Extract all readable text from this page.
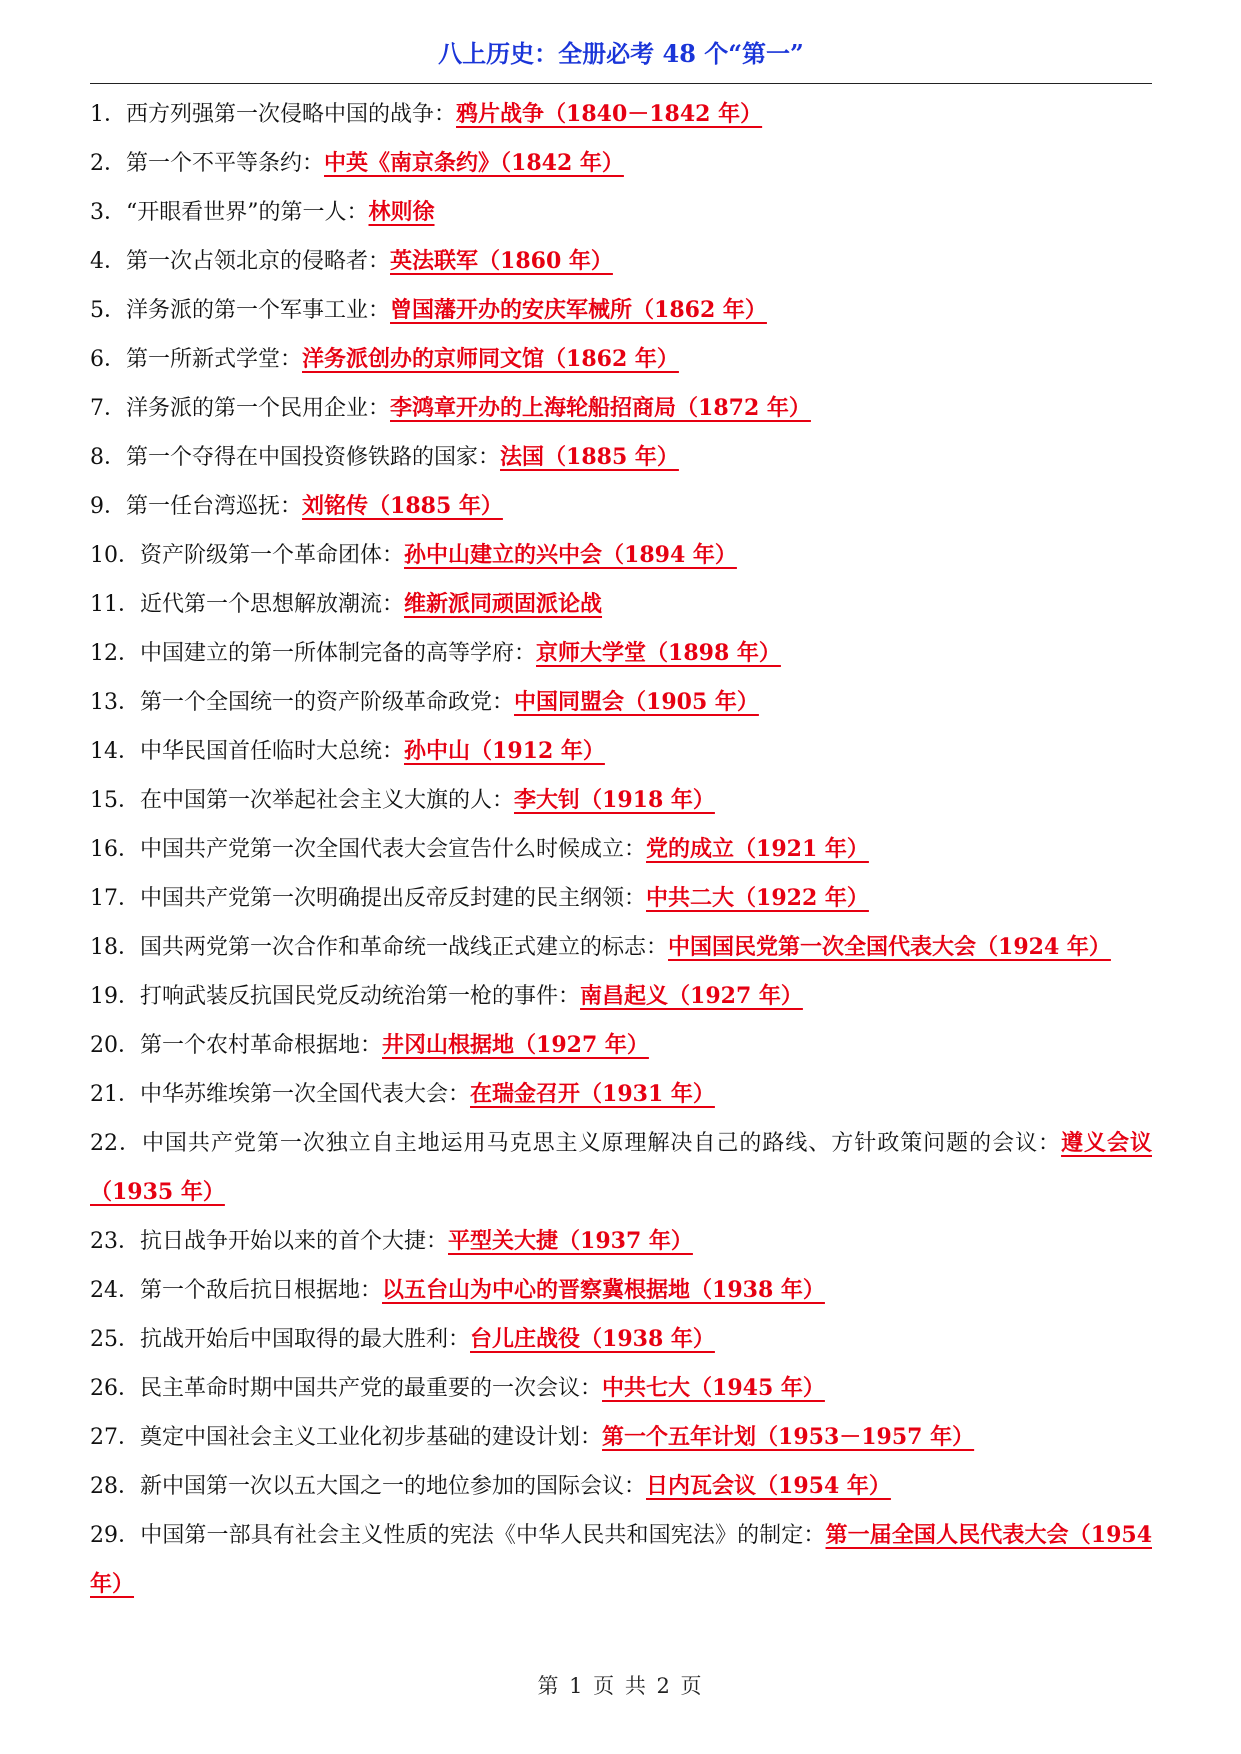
八上历史：全册必考 48 个“第一”

1．西方列强第一次侵略中国的战争：鸦片战争（1840－1842 年）

2．第一个不平等条约：中英《南京条约》（1842 年）

3．“开眼看世界”的第一人：林则徐

4．第一次占领北京的侵略者：英法联军（1860 年）

5．洋务派的第一个军事工业：曾国藩开办的安庆军械所（1862 年）

6．第一所新式学堂：洋务派创办的京师同文馆（1862 年）

7．洋务派的第一个民用企业：李鸿章开办的上海轮船招商局（1872 年）

8．第一个夺得在中国投资修铁路的国家：法国（1885 年）

9．第一任台湾巡抚：刘铭传（1885 年）

10．资产阶级第一个革命团体：孙中山建立的兴中会（1894 年）

11．近代第一个思想解放潮流：维新派同顽固派论战

12．中国建立的第一所体制完备的高等学府：京师大学堂（1898 年）

13．第一个全国统一的资产阶级革命政党：中国同盟会（1905 年）

14．中华民国首任临时大总统：孙中山（1912 年）

15．在中国第一次举起社会主义大旗的人：李大钊（1918 年）

16．中国共产党第一次全国代表大会宣告什么时候成立：党的成立（1921 年）

17．中国共产党第一次明确提出反帝反封建的民主纲领：中共二大（1922 年）

18．国共两党第一次合作和革命统一战线正式建立的标志：中国国民党第一次全国代表大会（1924 年）

19．打响武装反抗国民党反动统治第一枪的事件：南昌起义（1927 年）

20．第一个农村革命根据地：井冈山根据地（1927 年）

21．中华苏维埃第一次全国代表大会：在瑞金召开（1931 年）

22．中国共产党第一次独立自主地运用马克思主义原理解决自己的路线、方针政策问题的会议：遵义会议（1935 年）

23．抗日战争开始以来的首个大捷：平型关大捷（1937 年）

24．第一个敌后抗日根据地：以五台山为中心的晋察冀根据地（1938 年）

25．抗战开始后中国取得的最大胜利：台儿庄战役（1938 年）

26．民主革命时期中国共产党的最重要的一次会议：中共七大（1945 年）

27．奠定中国社会主义工业化初步基础的建设计划：第一个五年计划（1953－1957 年）

28．新中国第一次以五大国之一的地位参加的国际会议：日内瓦会议（1954 年）

29．中国第一部具有社会主义性质的宪法《中华人民共和国宪法》的制定：第一届全国人民代表大会（1954 年）

第 1 页 共 2 页
